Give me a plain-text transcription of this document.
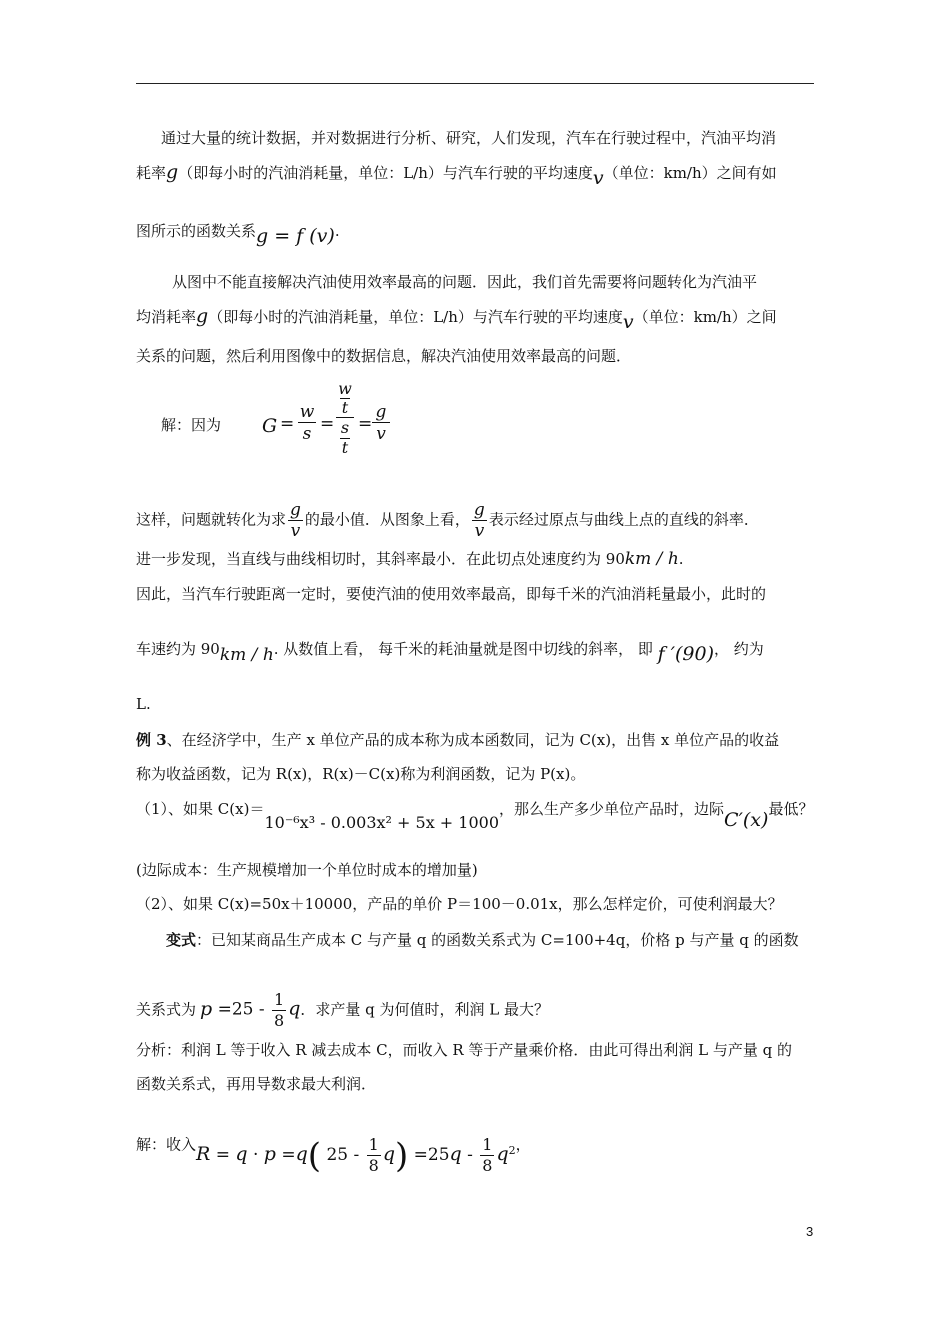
通过大量的统计数据，并对数据进行分析、研究，人们发现，汽车在行驶过程中，汽油平均消
耗率g（即每小时的汽油消耗量，单位：L/h）与汽车行驶的平均速度v（单位：km/h）之间有如
图所示的函数关系g = f (v).
从图中不能直接解决汽油使用效率最高的问题．因此，我们首先需要将问题转化为汽油平
均消耗率g（即每小时的汽油消耗量，单位：L/h）与汽车行驶的平均速度v（单位：km/h）之间
关系的问题，然后利用图像中的数据信息，解决汽油使用效率最高的问题．
解：因为 G =
w
s =
w
t
s
t
=
g
v
这样，问题就转化为求 $\frac{g}{v}$ 的最小值．从图象上看， $\frac{g}{v}$ 表示经过原点与曲线上点的直线的斜率．
进一步发现，当直线与曲线相切时，其斜率最小．在此切点处速度约为 90km / h.
因此，当汽车行驶距离一定时，要使汽油的使用效率最高，即每千米的汽油消耗量最小，此时的
车速约为 90km / h. 从数值上看， 每千米的耗油量就是图中切线的斜率， 即 f ′(90)， 约为
L.
例 3、在经济学中，生产 x 单位产品的成本称为成本函数同，记为 C(x)，出售 x 单位产品的收益
称为收益函数，记为 R(x)，R(x)－C(x)称为利润函数，记为 P(x)。
（1）、如果 C(x)＝10⁻⁶x³ - 0.003x² + 5x + 1000，那么生产多少单位产品时，边际C′(x)最低？
(边际成本：生产规模增加一个单位时成本的增加量)
（2）、如果 C(x)=50x＋10000，产品的单价 P＝100－0.01x，那么怎样定价，可使利润最大？
变式：已知某商品生产成本 C 与产量 q 的函数关系式为 C=100+4q，价格 p 与产量 q 的函数
关系式为 $p =25 - \frac{1}{8}$ q．求产量 q 为何值时，利润 L 最大？
分析：利润 L 等于收入 R 减去成本 C，而收入 R 等于产量乘价格．由此可得出利润 L 与产量 q 的
函数关系式，再用导数求最大利润．
解：收入R = q · p =q( $25 - \frac{1}{8} q) =25q - \frac{1}{8} q^2$，
3
